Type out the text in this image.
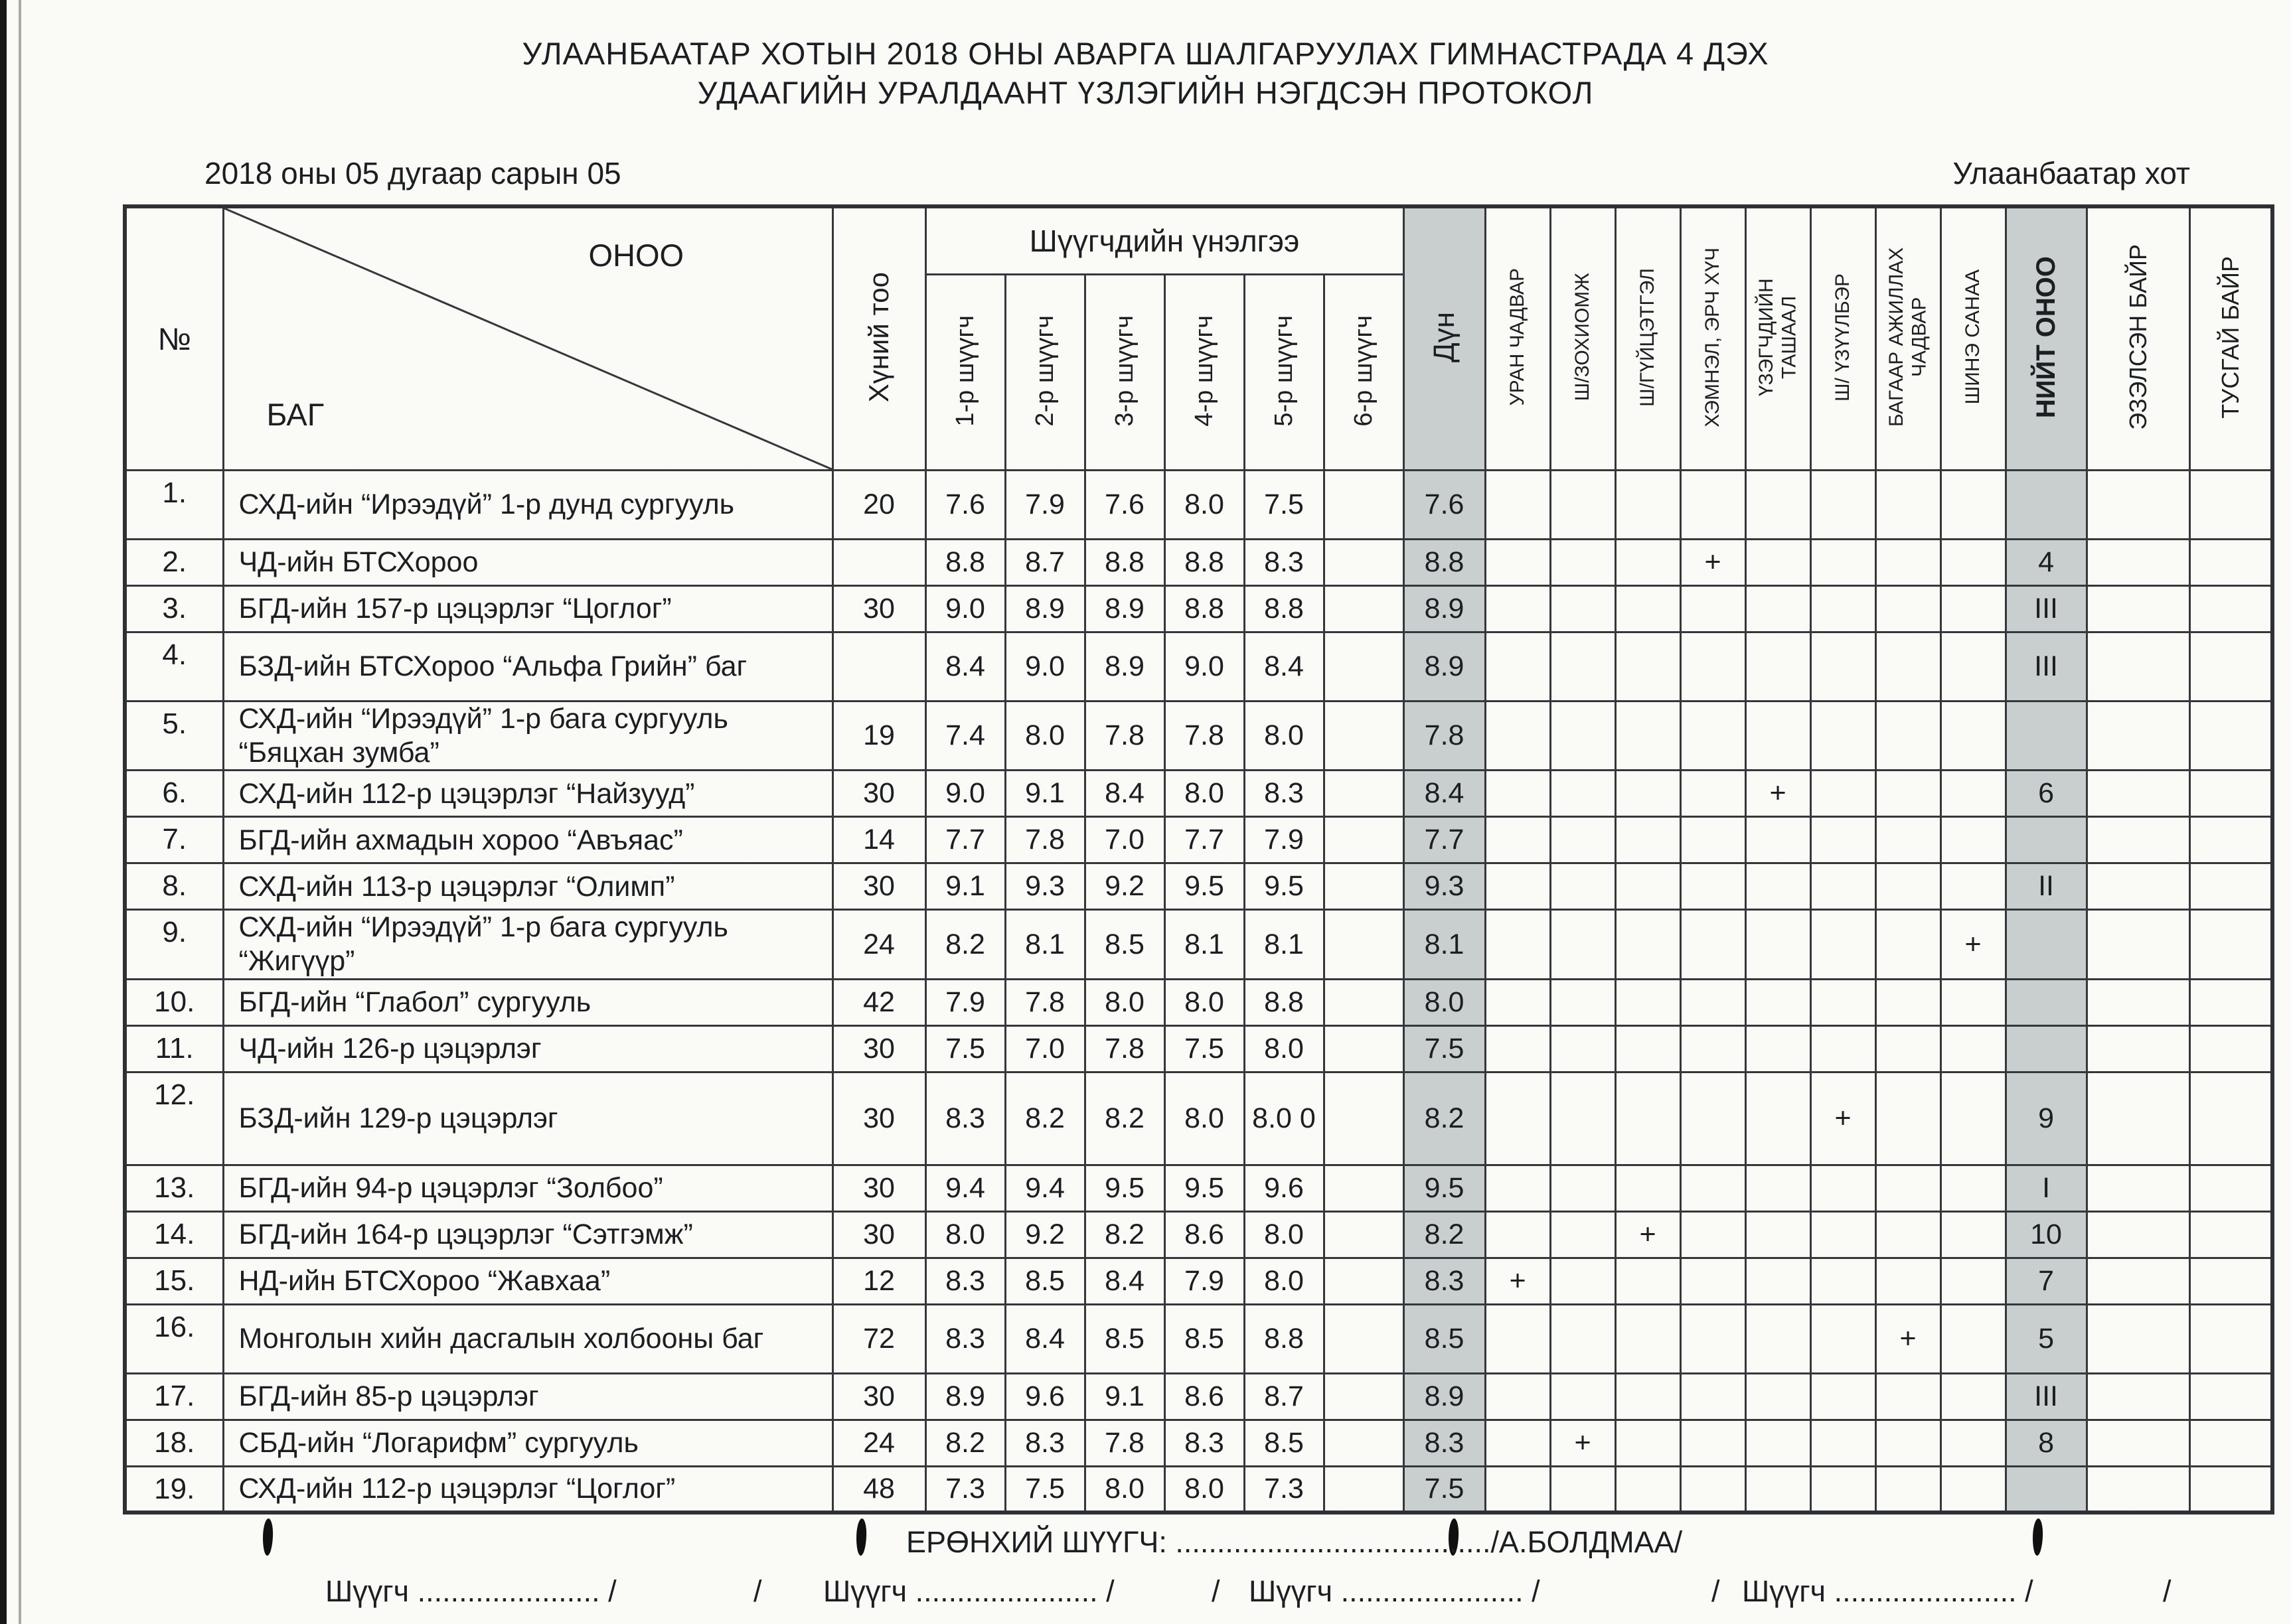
УЛААНБААТАР ХОТЫН 2018 ОНЫ АВАРГА ШАЛГАРУУЛАХ ГИМНАСТРАДА 4 ДЭХ
УДААГИЙН УРАЛДААНТ ҮЗЛЭГИЙН НЭГДСЭН ПРОТОКОЛ
2018 оны 05 дугаар сарын 05	Улаанбаатар хот
№	ОНОО
БАГ	Хүний тоо	Шүүгчдийн үнэлгээ						Дүн	УРАН ЧАДВАР	Ш/ЗОХИОМЖ	Ш/ГҮЙЦЭТГЭЛ	ХЭМНЭЛ, ЭРЧ ХҮЧ	ҮЗЭГЧДИЙН ТАШААЛ	Ш/ ҮЗҮҮЛБЭР	БАГААР АЖИЛЛАХ ЧАДВАР	ШИНЭ САНАА	НИЙТ ОНОО	ЭЗЭЛСЭН БАЙР	ТУСГАЙ БАЙР
			1-р шүүгч	2-р шүүгч	3-р шүүгч	4-р шүүгч	5-р шүүгч	6-р шүүгч												
1.	СХД-ийн “Ирээдүй” 1-р дунд сургууль	20	7.6	7.9	7.6	8.0	7.5		7.6											
2.	ЧД-ийн БТСХороо		8.8	8.7	8.8	8.8	8.3		8.8				+					4		
3.	БГД-ийн 157-р цэцэрлэг “Цоглог”	30	9.0	8.9	8.9	8.8	8.8		8.9									III		
4.	БЗД-ийн БТСХороо “Альфа Грийн” баг		8.4	9.0	8.9	9.0	8.4		8.9									III		
5.	СХД-ийн “Ирээдүй” 1-р бага сургууль “Бяцхан зумба”	19	7.4	8.0	7.8	7.8	8.0		7.8											
6.	СХД-ийн 112-р цэцэрлэг “Найзууд”	30	9.0	9.1	8.4	8.0	8.3		8.4					+				6		
7.	БГД-ийн ахмадын хороо “Авъяас”	14	7.7	7.8	7.0	7.7	7.9		7.7											
8.	СХД-ийн 113-р цэцэрлэг “Олимп”	30	9.1	9.3	9.2	9.5	9.5		9.3									II		
9.	СХД-ийн “Ирээдүй” 1-р бага сургууль “Жигүүр”	24	8.2	8.1	8.5	8.1	8.1		8.1								+			
10.	БГД-ийн “Глабол” сургууль	42	7.9	7.8	8.0	8.0	8.8		8.0											
11.	ЧД-ийн 126-р цэцэрлэг	30	7.5	7.0	7.8	7.5	8.0		7.5											
12.	БЗД-ийн 129-р цэцэрлэг	30	8.3	8.2	8.2	8.0	8.0 0		8.2						+			9		
13.	БГД-ийн 94-р цэцэрлэг “Золбоо”	30	9.4	9.4	9.5	9.5	9.6		9.5									I		
14.	БГД-ийн 164-р цэцэрлэг “Сэтгэмж”	30	8.0	9.2	8.2	8.6	8.0		8.2			+						10		
15.	НД-ийн БТСХороо “Жавхаа”	12	8.3	8.5	8.4	7.9	8.0		8.3	+								7		
16.	Монголын хийн дасгалын холбооны баг	72	8.3	8.4	8.5	8.5	8.8		8.5							+		5		
17.	БГД-ийн 85-р цэцэрлэг	30	8.9	9.6	9.1	8.6	8.7		8.9									III		
18.	СБД-ийн “Логарифм” сургууль	24	8.2	8.3	7.8	8.3	8.5		8.3		+							8		
19.	СХД-ийн 112-р цэцэрлэг “Цоглог”	48	7.3	7.5	8.0	8.0	7.3		7.5											
ЕРӨНХИЙ ШҮҮГЧ: ....................................../А.БОЛДМАА/
Шүүгч ...................... /	/ Шүүгч ...................... /	/ Шүүгч ...................... /	/ Шүүгч ...................... /	/
